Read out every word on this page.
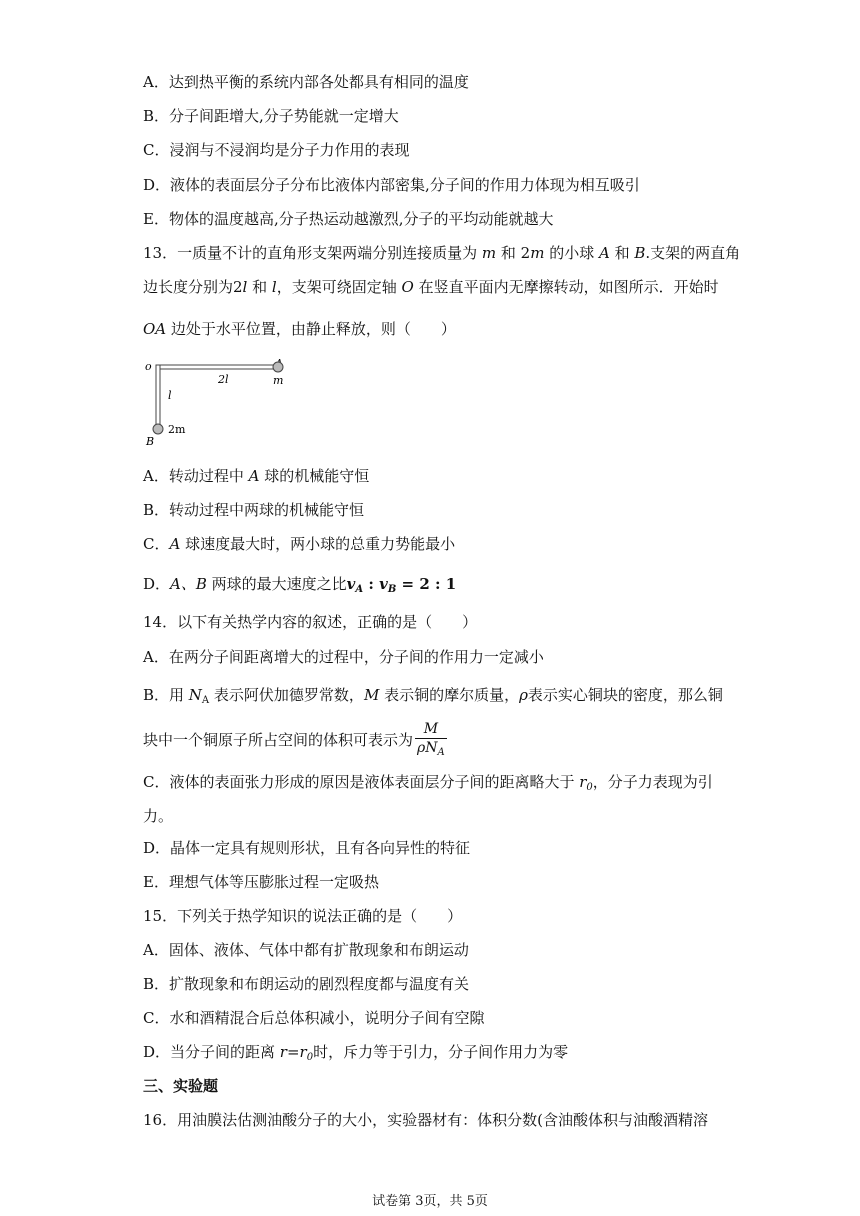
A．达到热平衡的系统内部各处都具有相同的温度
B．分子间距增大,分子势能就一定增大
C．浸润与不浸润均是分子力作用的表现
D．液体的表面层分子分布比液体内部密集,分子间的作用力体现为相互吸引
E．物体的温度越高,分子热运动越激烈,分子的平均动能就越大
13．一质量不计的直角形支架两端分别连接质量为 m 和 2m 的小球 A 和 B.支架的两直角
边长度分别为2l 和 l，支架可绕固定轴 O 在竖直平面内无摩擦转动，如图所示．开始时
OA 边处于水平位置，由静止释放，则（　　）
o
2l	m
l
2m
B
A．转动过程中 A 球的机械能守恒
B．转动过程中两球的机械能守恒
C．A 球速度最大时，两小球的总重力势能最小
D．A、B 两球的最大速度之比$v_A$ : $v_B = 2$ : 1
14．以下有关热学内容的叙述，正确的是（　　）
A．在两分子间距离增大的过程中，分子间的作用力一定减小
B．用 $N_A$ 表示阿伏加德罗常数，M 表示铜的摩尔质量，ρ表示实心铜块的密度，那么铜
块中一个铜原子所占空间的体积可表示为 $\frac{M}{\rho N_A}$
C．液体的表面张力形成的原因是液体表面层分子间的距离略大于 $r_0$，分子力表现为引
力。
D．晶体一定具有规则形状，且有各向异性的特征
E．理想气体等压膨胀过程一定吸热
15．下列关于热学知识的说法正确的是（　　）
A．固体、液体、气体中都有扩散现象和布朗运动
B．扩散现象和布朗运动的剧烈程度都与温度有关
C．水和酒精混合后总体积减小，说明分子间有空隙
D．当分子间的距离 $r=r_0$时，斥力等于引力，分子间作用力为零
三、实验题
16．用油膜法估测油酸分子的大小，实验器材有：体积分数(含油酸体积与油酸酒精溶
试卷第 3页，共 5页
